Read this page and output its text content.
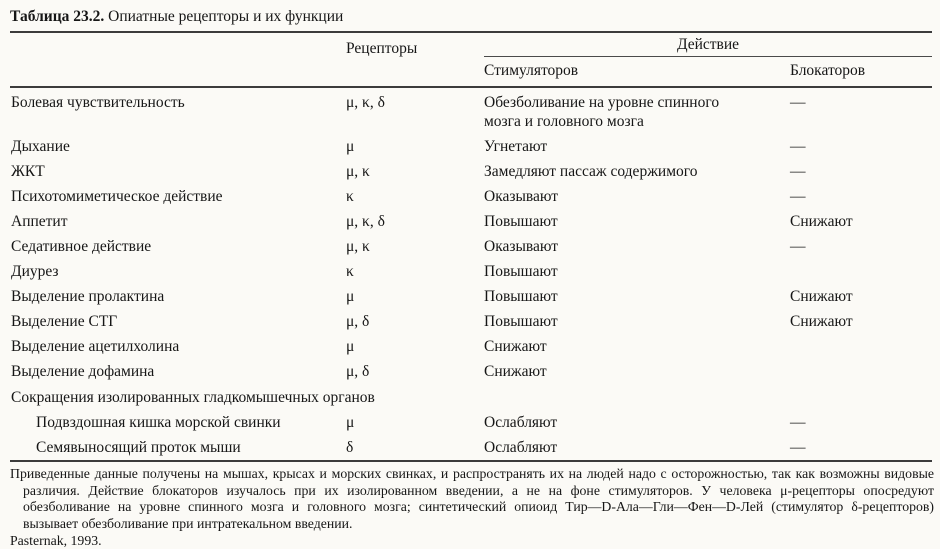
Таблица 23.2. Опиатные рецепторы и их функции
	Рецепторы	Действие	
		Стимуляторов	Блокаторов
Болевая чувствительность	μ, κ, δ	Обезболивание на уровне спинного мозга и головного мозга	—
Дыхание	μ	Угнетают	—
ЖКТ	μ, κ	Замедляют пассаж содержимого	—
Психотомиметическое действие	κ	Оказывают	—
Аппетит	μ, κ, δ	Повышают	Снижают
Седативное действие	μ, κ	Оказывают	—
Диурез	κ	Повышают	
Выделение пролактина	μ	Повышают	Снижают
Выделение СТГ	μ, δ	Повышают	Снижают
Выделение ацетилхолина	μ	Снижают	
Выделение дофамина	μ, δ	Снижают	
Сокращения изолированных гладкомышечных органов			
Подвздошная кишка морской свинки	μ	Ослабляют	—
Семявыносящий проток мыши	δ	Ослабляют	—

Приведенные данные получены на мышах, крысах и морских свинках, и распространять их на людей надо с осторожностью, так как возможны видовые различия. Действие блокаторов изучалось при их изолированном введении, а не на фоне стимуляторов. У человека μ-рецепторы опосредуют обезболивание на уровне спинного мозга и головного мозга; синтетический опиоид Тир—D-Ала—Гли—Фен—D-Лей (стимулятор δ-рецепторов) вызывает обезболивание при интратекальном введении.

Pasternak, 1993.
